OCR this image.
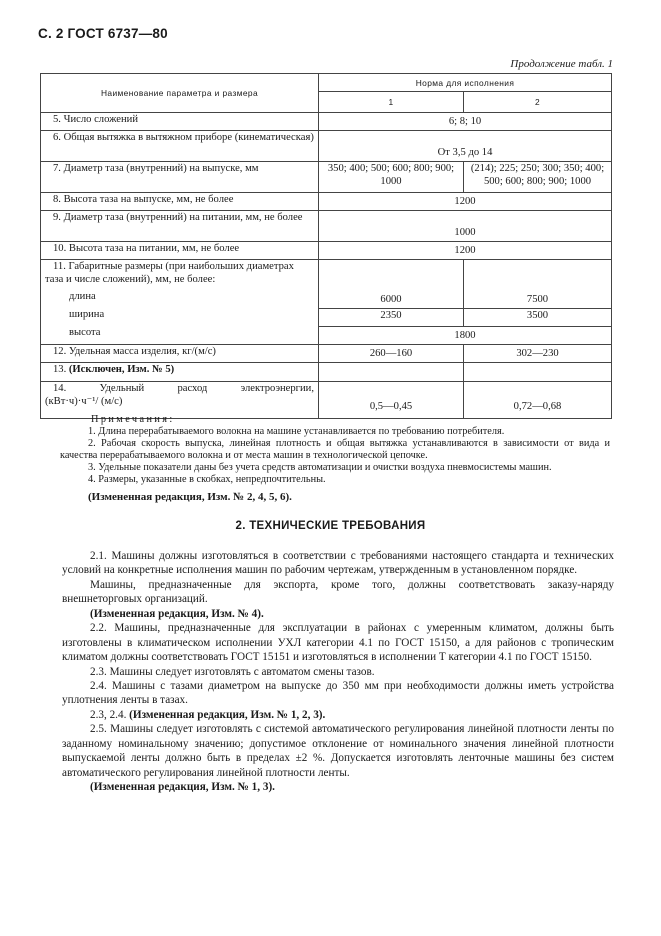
С. 2 ГОСТ 6737—80
Продолжение табл. 1
Наименование параметра и размера	Норма для исполнения	
	1	2
5. Число сложений	6; 8; 10	
6. Общая вытяжка в вытяжном приборе (кинематическая)	От 3,5 до 14	
7. Диаметр таза (внутренний) на выпуске, мм	350; 400; 500; 600; 800; 900; 1000	(214); 225; 250; 300; 350; 400; 500; 600; 800; 900; 1000
8. Высота таза на выпуске, мм, не более	1200	
9. Диаметр таза (внутренний) на питании, мм, не более	1000	
10. Высота таза на питании, мм, не более	1200	
11. Габаритные размеры (при наибольших диаметрах таза и числе сложений), мм, не более:		
длина	6000	7500
ширина	2350	3500
высота	1800	
12. Удельная масса изделия, кг/(м/с)	260—160	302—230
13. (Исключен, Изм. № 5)		

14. Удельный расход электроэнергии,
(кВт·ч)·ч⁻¹/ (м/с)	0,5—0,45	0,72—0,68

Примечания:

1. Длина перерабатываемого волокна на машине устанавливается по требованию потребителя.

2. Рабочая скорость выпуска, линейная плотность и общая вытяжка устанавливаются в зависимости от вида и качества перерабатываемого волокна и от места машин в технологической цепочке.

3. Удельные показатели даны без учета средств автоматизации и очистки воздуха пневмосистемы машин.

4. Размеры, указанные в скобках, непредпочтительны.

(Измененная редакция, Изм. № 2, 4, 5, 6).
2. ТЕХНИЧЕСКИЕ ТРЕБОВАНИЯ

2.1. Машины должны изготовляться в соответствии с требованиями настоящего стандарта и технических условий на конкретные исполнения машин по рабочим чертежам, утвержденным в установленном порядке.

Машины, предназначенные для экспорта, кроме того, должны соответствовать заказу-наряду внешнеторговых организаций.

(Измененная редакция, Изм. № 4).

2.2. Машины, предназначенные для эксплуатации в районах с умеренным климатом, должны быть изготовлены в климатическом исполнении УХЛ категории 4.1 по ГОСТ 15150, а для районов с тропическим климатом должны соответствовать ГОСТ 15151 и изготовляться в исполнении Т категории 4.1 по ГОСТ 15150.

2.3. Машины следует изготовлять с автоматом смены тазов.

2.4. Машины с тазами диаметром на выпуске до 350 мм при необходимости должны иметь устройства уплотнения ленты в тазах.

2.3, 2.4. (Измененная редакция, Изм. № 1, 2, 3).

2.5. Машины следует изготовлять с системой автоматического регулирования линейной плотности ленты по заданному номинальному значению; допустимое отклонение от номинального значения линейной плотности выпускаемой ленты должно быть в пределах ±2 %. Допускается изготовлять ленточные машины без систем автоматического регулирования линейной плотности ленты.

(Измененная редакция, Изм. № 1, 3).
